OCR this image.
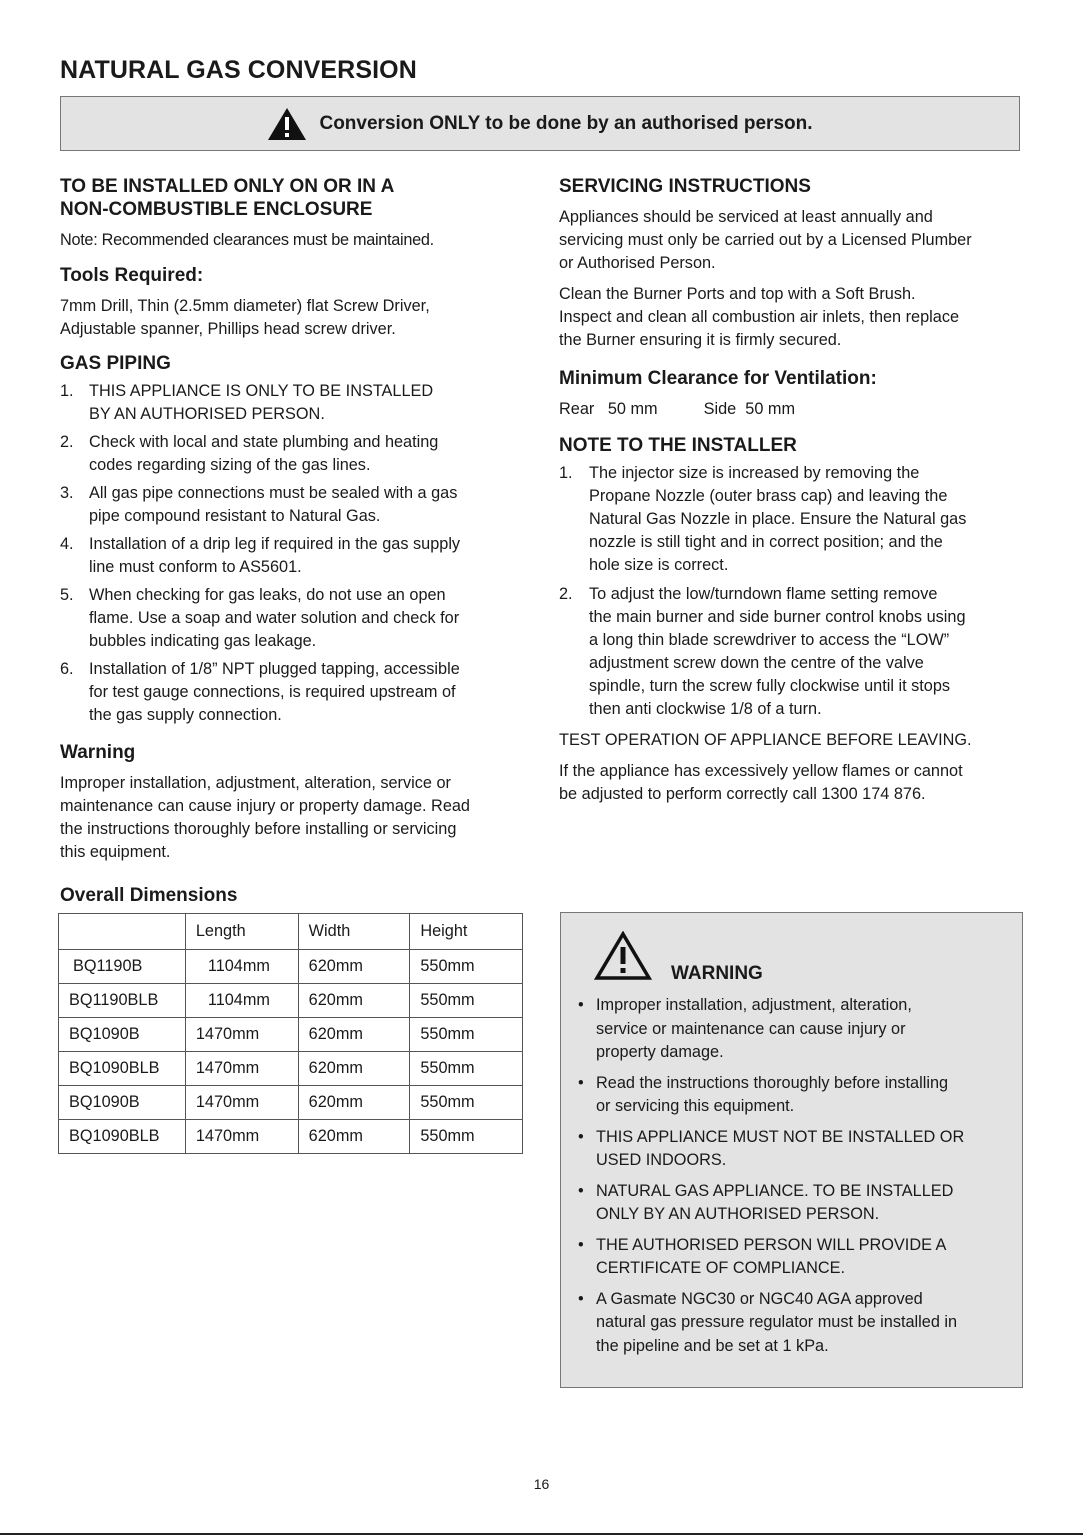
NATURAL GAS CONVERSION
Conversion ONLY to be done by an authorised person.
TO BE INSTALLED ONLY ON OR IN A
NON-COMBUSTIBLE ENCLOSURE

Note: Recommended clearances must be maintained.

Tools Required:

7mm Drill, Thin (2.5mm diameter) flat Screw Driver,

Adjustable spanner, Phillips head screw driver.

GAS PIPING
1. THIS APPLIANCE IS ONLY TO BE INSTALLED
BY AN AUTHORISED PERSON.
2. Check with local and state plumbing and heating
codes regarding sizing of the gas lines.
3. All gas pipe connections must be sealed with a gas
pipe compound resistant to Natural Gas.
4. Installation of a drip leg if required in the gas supply
line must conform to AS5601.
5. When checking for gas leaks, do not use an open
flame. Use a soap and water solution and check for
bubbles indicating gas leakage.
6. Installation of 1/8” NPT plugged tapping, accessible
for test gauge connections, is required upstream of
the gas supply connection.
Warning

Improper installation, adjustment, alteration, service or

maintenance can cause injury or property damage. Read

the instructions thoroughly before installing or servicing

this equipment.

Overall Dimensions
	Length	Width	Height
BQ1190B	1104mm	620mm	550mm
BQ1190BLB	1104mm	620mm	550mm
BQ1090B	1470mm	620mm	550mm
BQ1090BLB	1470mm	620mm	550mm
BQ1090B	1470mm	620mm	550mm
BQ1090BLB	1470mm	620mm	550mm
SERVICING INSTRUCTIONS

Appliances should be serviced at least annually and

servicing must only be carried out by a Licensed Plumber

or Authorised Person.

Clean the Burner Ports and top with a Soft Brush.

Inspect and clean all combustion air inlets, then replace

the Burner ensuring it is firmly secured.

Minimum Clearance for Ventilation:

Rear   50 mm	Side  50 mm

NOTE TO THE INSTALLER
1. The injector size is increased by removing the
Propane Nozzle (outer brass cap) and leaving the
Natural Gas Nozzle in place. Ensure the Natural gas
nozzle is still tight and in correct position; and the
hole size is correct.
2. To adjust the low/turndown flame setting remove
the main burner and side burner control knobs using
a long thin blade screwdriver to access the “LOW”
adjustment screw down the centre of the valve
spindle, turn the screw fully clockwise until it stops
then anti clockwise 1/8 of a turn.

TEST OPERATION OF APPLIANCE BEFORE LEAVING.

If the appliance has excessively yellow flames or cannot

be adjusted to perform correctly call 1300 174 876.

WARNING
• Improper installation, adjustment, alteration,
service or maintenance can cause injury or
property damage.
• Read the instructions thoroughly before installing
or servicing this equipment.
• THIS APPLIANCE MUST NOT BE INSTALLED OR
USED INDOORS.
• NATURAL GAS APPLIANCE. TO BE INSTALLED
ONLY BY AN AUTHORISED PERSON.
• THE AUTHORISED PERSON WILL PROVIDE A
CERTIFICATE OF COMPLIANCE.
• A Gasmate NGC30 or NGC40 AGA approved
natural gas pressure regulator must be installed in
the pipeline and be set at 1 kPa.
16
